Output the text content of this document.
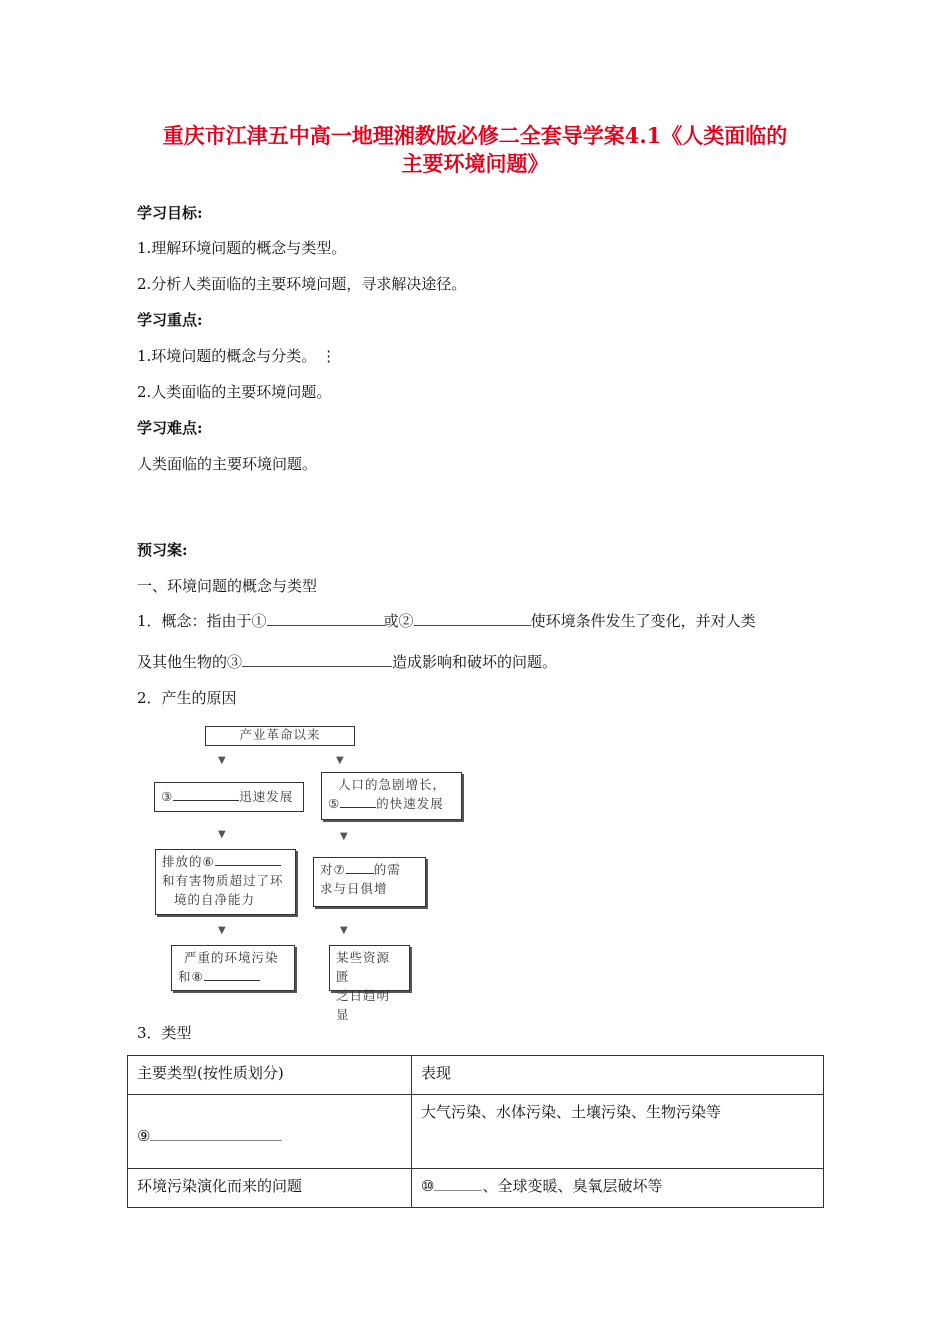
重庆市江津五中高一地理湘教版必修二全套导学案4.1《人类面临的
主要环境问题》
学习目标:
1.理解环境问题的概念与类型。
2.分析人类面临的主要环境问题，寻求解决途径。
学习重点:
1.环境问题的概念与分类。 ⋮
2.人类面临的主要环境问题。
学习难点:
人类面临的主要环境问题。
预习案:
一、环境问题的概念与类型
1．概念：指由于①	或②	使环境条件发生了变化，并对人类
及其他生物的③	造成影响和破坏的问题。
2．产生的原因
产业革命以来
▼	▼
③	迅速发展
人口的急剧增长，
⑤	的快速发展
▼	▼
排放的⑥
和有害物质超过了环
境的自净能力
对⑦ 的需
求与日俱增
▼	▼
严重的环境污染
和⑧
某些资源匮
乏日趋明显
3．类型
主要类型(按性质划分)	表现
⑨	大气污染、水体污染、土壤污染、生物污染等
环境污染演化而来的问题	⑩ 、全球变暖、臭氧层破坏等
